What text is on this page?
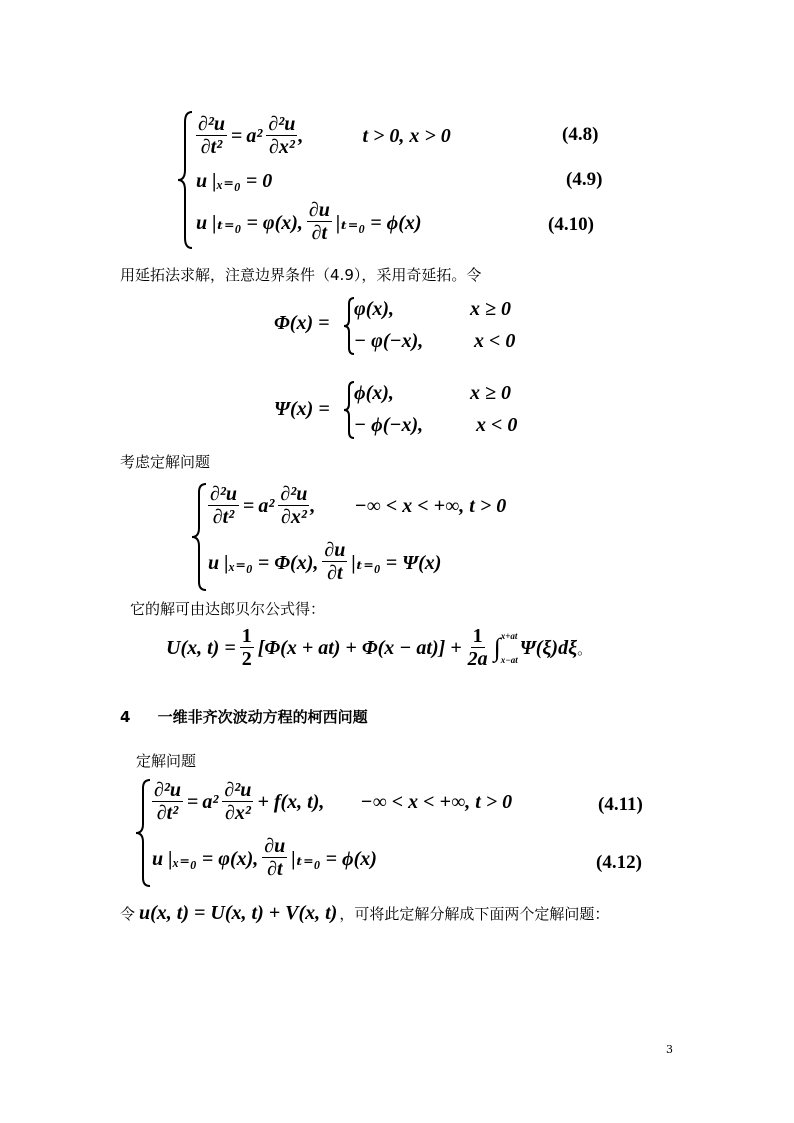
$\frac{\text{∂²u}}{\text{∂t²}} = a^2 \frac{\text{∂²u}}{\text{∂x²}}$ ,	t > 0, x > 0	(4.8)
u |ₓ₌₀ = 0	(4.9)
u |ₜ₌₀ = φ(x), $\frac{\partial u}{\partial t} |_{t=0} = \phi(x)$	(4.10)
用延拓法求解，注意边界条件（4.9），采用奇延拓。令
Φ(x) =
φ(x),	x ≥ 0
− φ(−x),	x < 0
Ψ(x) =
ϕ(x),	x ≥ 0
− ϕ(−x),	x < 0
考虑定解问题
$\frac{\text{∂²u}}{\text{∂t²}} = a^2 \frac{\text{∂²u}}{\text{∂x²}}$ , −∞ < x < +∞, t > 0
u |ₓ₌₀ = Φ(x), $\frac{\partial u}{\partial t} |_{t=0} = \Psi(x)$
它的解可由达郎贝尔公式得：
U(x, $t) = \frac{1}{2} [\Phi(x + at) + \Phi(x - at)] + \frac{1}{2a}$ ∫ x+at
x−at
Ψ(ξ)dξ 。
4 一维非齐次波动方程的柯西问题
定解问题
$\frac{\text{∂²u}}{\text{∂t²}} = a^2 \frac{\text{∂²u}}{\text{∂x²}} + f(x$, t), −∞ < x < +∞, t > 0	(4.11)
u |ₓ₌₀ = φ(x), $\frac{\partial u}{\partial t} |_{t=0} = \phi(x)$	(4.12)
令 u(x, t) = U(x, t) + V(x, t) ，可将此定解分解成下面两个定解问题：
3
